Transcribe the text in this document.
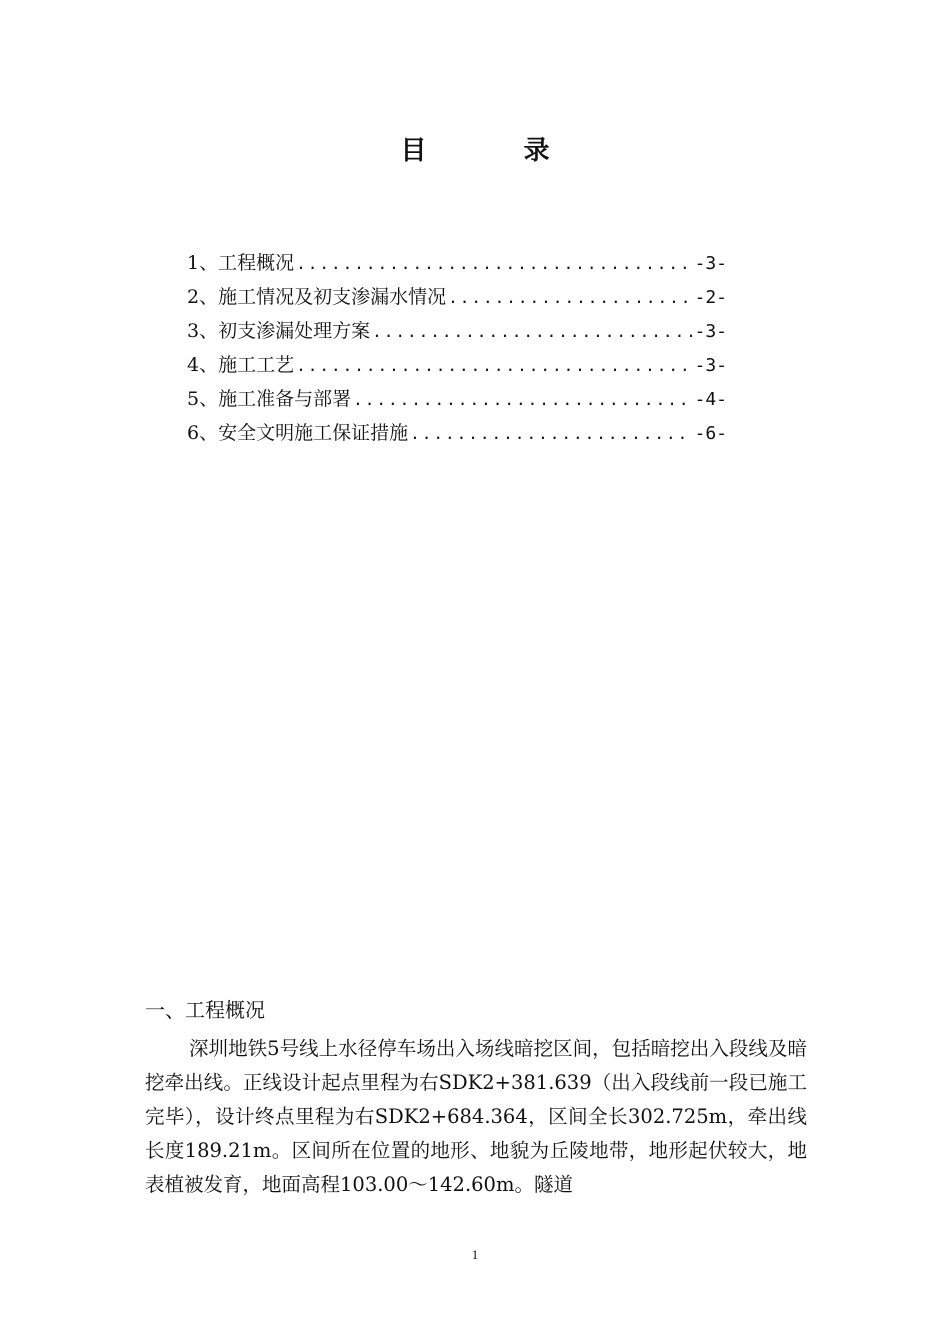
目 录
1、 工程概况 .....	-3-
2、 施工情况及初支渗漏水情况 .....	-2-
3、 初支渗漏处理方案 .....	-3-
4、 施工工艺 .....	-3-
5、 施工准备与部署 .....	-4-
6、 安全文明施工保证措施 .....	-6-
一、工程概况

深圳地铁5号线上水径停车场出入场线暗挖区间，包括暗挖出入段线及暗挖牵出线。正线设计起点里程为右SDK2+381.639（出入段线前一段已施工完毕），设计终点里程为右SDK2+684.364，区间全长302.725m，牵出线长度189.21m。区间所在位置的地形、地貌为丘陵地带，地形起伏较大，地表植被发育，地面高程103.00～142.60m。隧道

1
